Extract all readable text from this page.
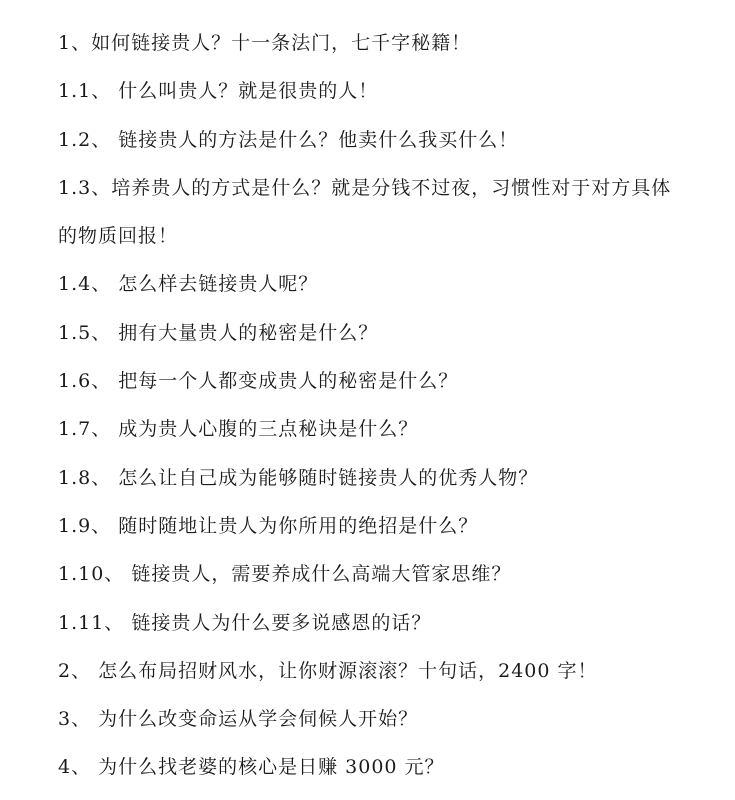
1、如何链接贵人？十一条法门，七千字秘籍！
1.1、 什么叫贵人？就是很贵的人！
1.2、 链接贵人的方法是什么？他卖什么我买什么！
1.3、培养贵人的方式是什么？就是分钱不过夜，习惯性对于对方具体
的物质回报！
1.4、 怎么样去链接贵人呢？
1.5、 拥有大量贵人的秘密是什么？
1.6、 把每一个人都变成贵人的秘密是什么？
1.7、 成为贵人心腹的三点秘诀是什么？
1.8、 怎么让自己成为能够随时链接贵人的优秀人物？
1.9、 随时随地让贵人为你所用的绝招是什么？
1.10、 链接贵人，需要养成什么高端大管家思维？
1.11、 链接贵人为什么要多说感恩的话？
2、 怎么布局招财风水，让你财源滚滚？十句话，2400 字！
3、 为什么改变命运从学会伺候人开始？
4、 为什么找老婆的核心是日赚 3000 元？
